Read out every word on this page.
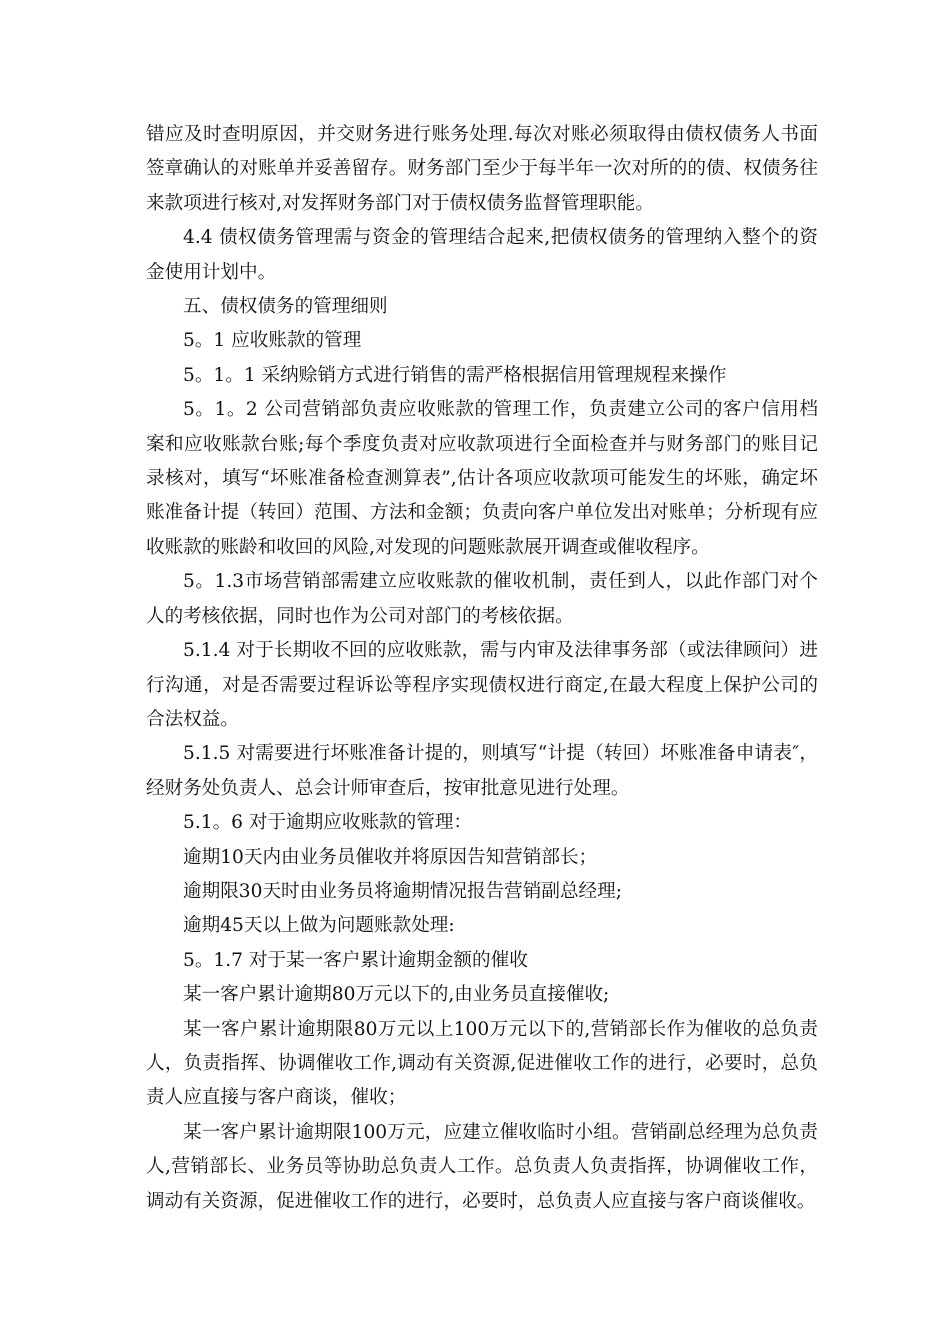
错应及时查明原因，并交财务进行账务处理.每次对账必须取得由债权债务人书面签章确认的对账单并妥善留存。财务部门至少于每半年一次对所的的债、权债务往来款项进行核对,对发挥财务部门对于债权债务监督管理职能。

4.4 债权债务管理需与资金的管理结合起来,把债权债务的管理纳入整个的资金使用计划中。

五、债权债务的管理细则

5。1 应收账款的管理

5。1。1 采纳赊销方式进行销售的需严格根据信用管理规程来操作

5。1。2 公司营销部负责应收账款的管理工作，负责建立公司的客户信用档案和应收账款台账;每个季度负责对应收款项进行全面检查并与财务部门的账目记录核对，填写“坏账准备检查测算表”,估计各项应收款项可能发生的坏账，确定坏账准备计提（转回）范围、方法和金额；负责向客户单位发出对账单；分析现有应收账款的账龄和收回的风险,对发现的问题账款展开调查或催收程序。

5。1.3市场营销部需建立应收账款的催收机制，责任到人，以此作部门对个人的考核依据，同时也作为公司对部门的考核依据。

5.1.4 对于长期收不回的应收账款，需与内审及法律事务部（或法律顾问）进行沟通，对是否需要过程诉讼等程序实现债权进行商定,在最大程度上保护公司的合法权益。

5.1.5 对需要进行坏账准备计提的，则填写“计提（转回）坏账准备申请表″，经财务处负责人、总会计师审查后，按审批意见进行处理。

5.1。6 对于逾期应收账款的管理：

逾期10天内由业务员催收并将原因告知营销部长；

逾期限30天时由业务员将逾期情况报告营销副总经理;

逾期45天以上做为问题账款处理:

5。1.7 对于某一客户累计逾期金额的催收

某一客户累计逾期80万元以下的,由业务员直接催收;

某一客户累计逾期限80万元以上100万元以下的,营销部长作为催收的总负责人，负责指挥、协调催收工作,调动有关资源,促进催收工作的进行，必要时，总负责人应直接与客户商谈，催收；

某一客户累计逾期限100万元，应建立催收临时小组。营销副总经理为总负责人,营销部长、业务员等协助总负责人工作。总负责人负责指挥，协调催收工作，调动有关资源，促进催收工作的进行，必要时，总负责人应直接与客户商谈催收。
